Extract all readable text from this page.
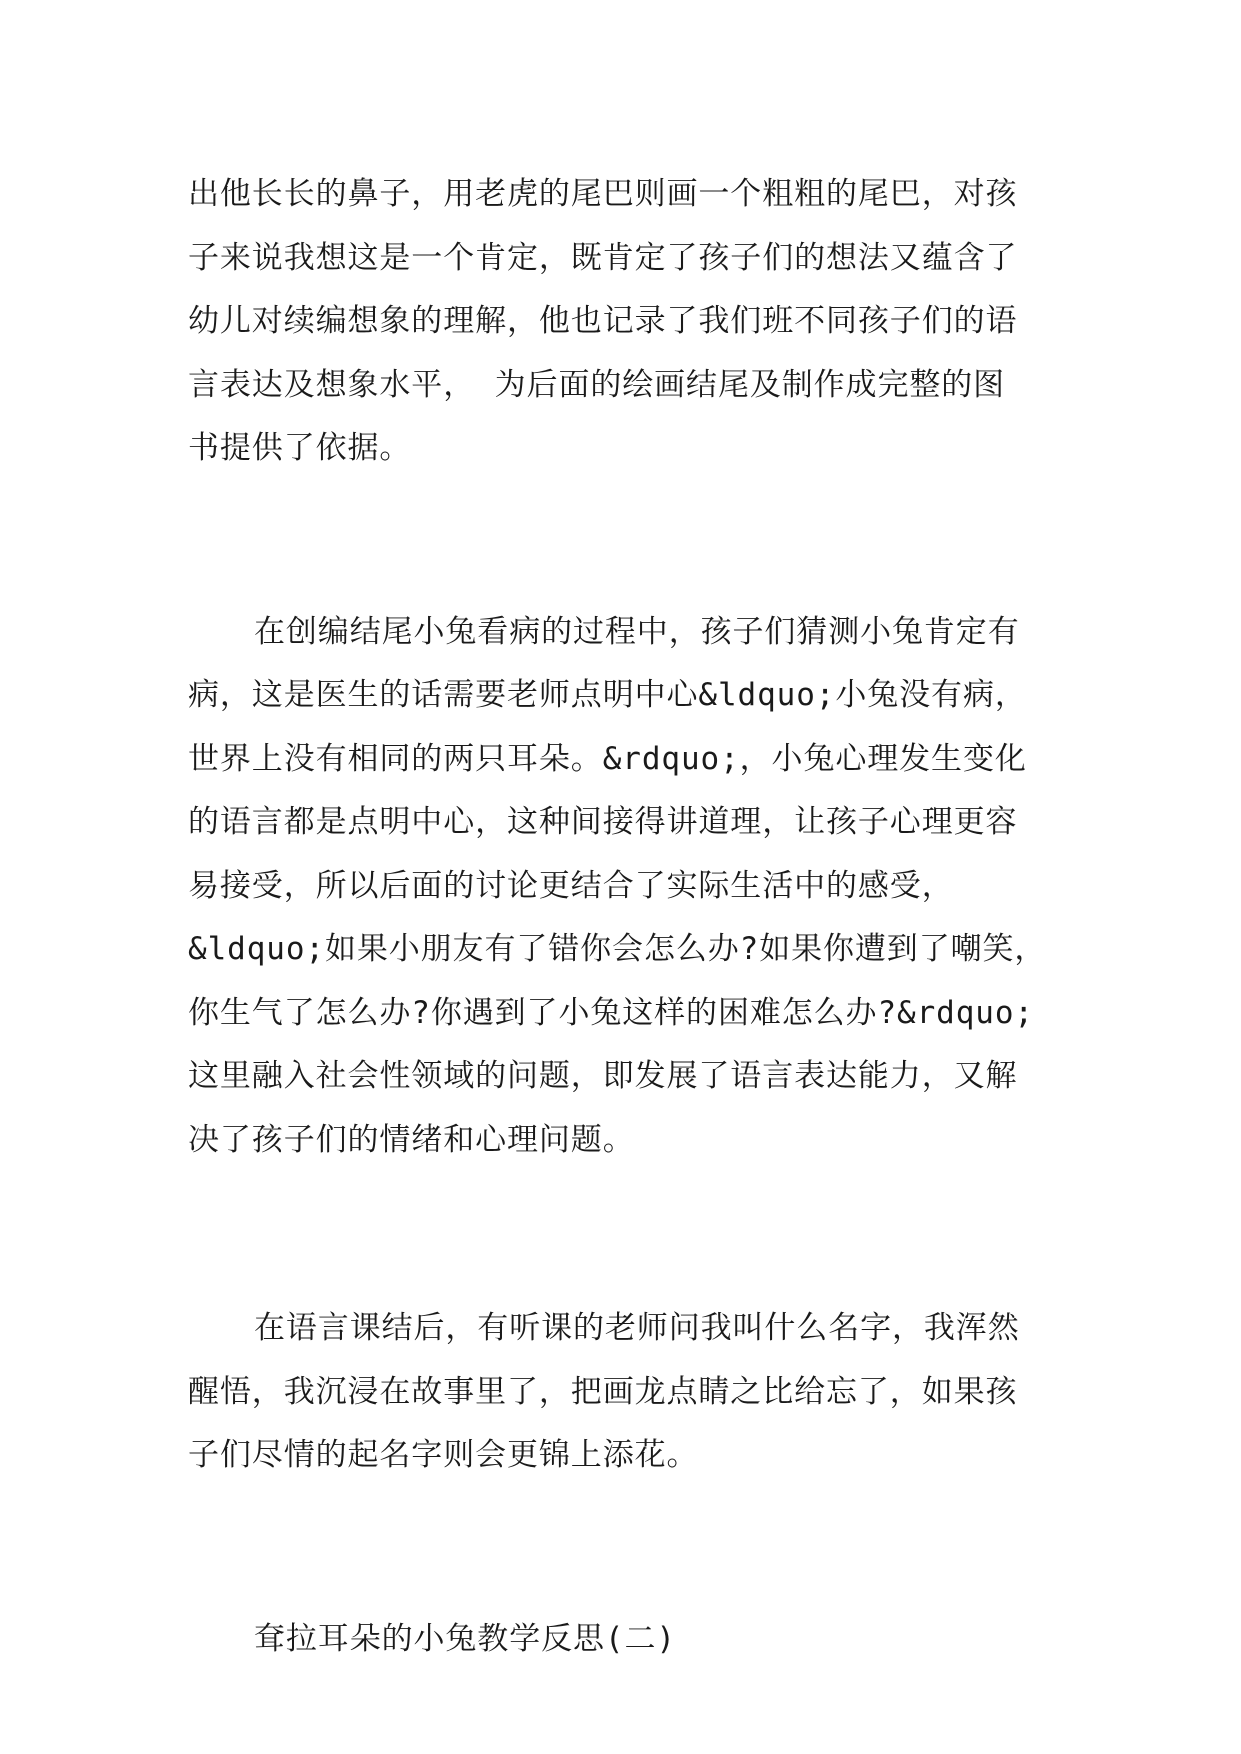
出他长长的鼻子，用老虎的尾巴则画一个粗粗的尾巴，对孩
子来说我想这是一个肯定，既肯定了孩子们的想法又蕴含了
幼儿对续编想象的理解，他也记录了我们班不同孩子们的语
言表达及想象水平， 为后面的绘画结尾及制作成完整的图
书提供了依据。
在创编结尾小兔看病的过程中，孩子们猜测小兔肯定有
病，这是医生的话需要老师点明中心&ldquo;小兔没有病，
世界上没有相同的两只耳朵。&rdquo;，小兔心理发生变化
的语言都是点明中心，这种间接得讲道理，让孩子心理更容
易接受，所以后面的讨论更结合了实际生活中的感受，
&ldquo;如果小朋友有了错你会怎么办?如果你遭到了嘲笑，
你生气了怎么办?你遇到了小兔这样的困难怎么办?&rdquo;
这里融入社会性领域的问题，即发展了语言表达能力，又解
决了孩子们的情绪和心理问题。
在语言课结后，有听课的老师问我叫什么名字，我浑然
醒悟，我沉浸在故事里了，把画龙点睛之比给忘了，如果孩
子们尽情的起名字则会更锦上添花。
耷拉耳朵的小兔教学反思(二)
